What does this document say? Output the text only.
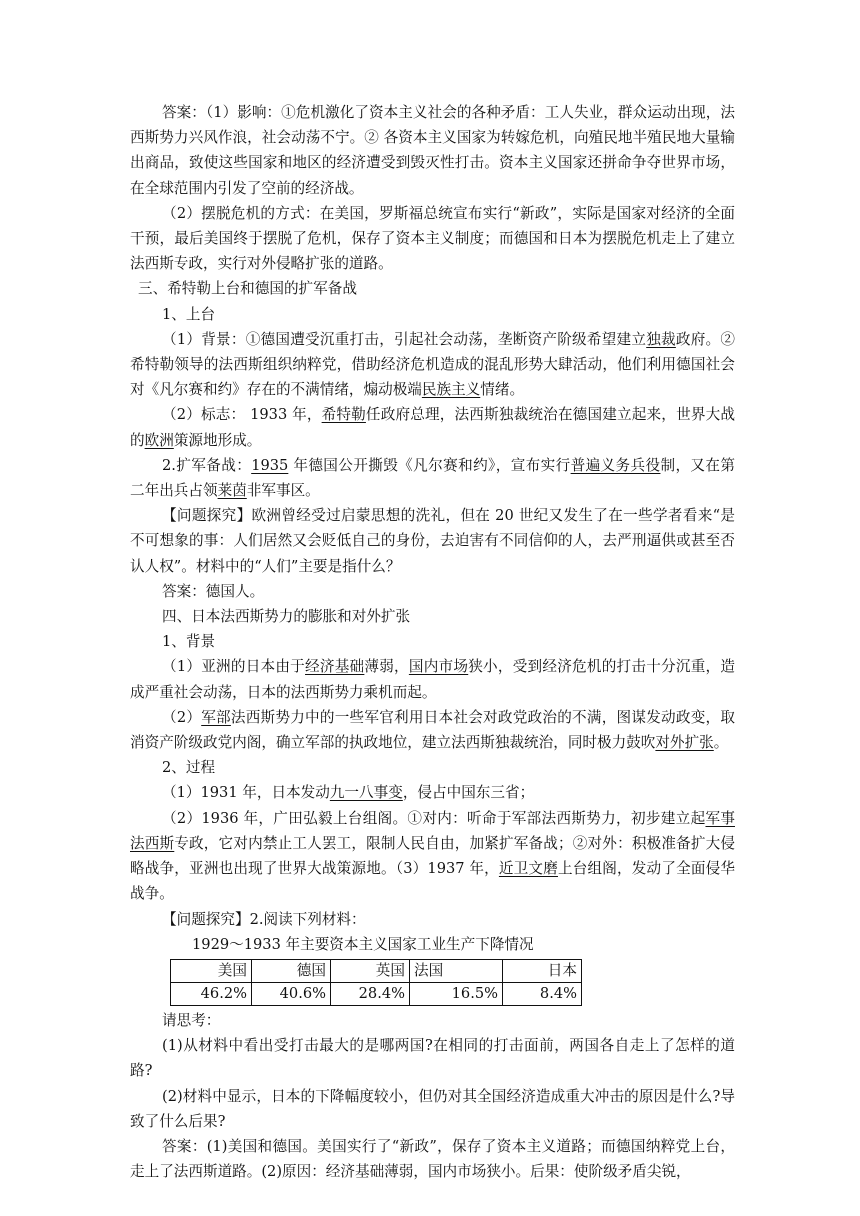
答案：（1）影响：①危机激化了资本主义社会的各种矛盾：工人失业，群众运动出现，法西斯势力兴风作浪，社会动荡不宁。② 各资本主义国家为转嫁危机，向殖民地半殖民地大量输出商品，致使这些国家和地区的经济遭受到毁灭性打击。资本主义国家还拼命争夺世界市场，在全球范围内引发了空前的经济战。

（2）摆脱危机的方式：在美国，罗斯福总统宣布实行“新政”，实际是国家对经济的全面干预，最后美国终于摆脱了危机，保存了资本主义制度；而德国和日本为摆脱危机走上了建立法西斯专政，实行对外侵略扩张的道路。

三、希特勒上台和德国的扩军备战

1、上台

（1）背景：①德国遭受沉重打击，引起社会动荡，垄断资产阶级希望建立独裁政府。②希特勒领导的法西斯组织纳粹党，借助经济危机造成的混乱形势大肆活动，他们利用德国社会对《凡尔赛和约》存在的不满情绪，煽动极端民族主义情绪。

（2）标志： 1933 年，希特勒任政府总理，法西斯独裁统治在德国建立起来，世界大战的欧洲策源地形成。

2.扩军备战：1935 年德国公开撕毁《凡尔赛和约》，宣布实行普遍义务兵役制，又在第二年出兵占领莱茵非军事区。

【问题探究】欧洲曾经受过启蒙思想的洗礼，但在 20 世纪又发生了在一些学者看来“是不可想象的事：人们居然又会贬低自己的身份，去迫害有不同信仰的人，去严刑逼供或甚至否认人权”。材料中的“人们”主要是指什么？

答案：德国人。

四、日本法西斯势力的膨胀和对外扩张

1、背景

（1）亚洲的日本由于经济基础薄弱，国内市场狭小，受到经济危机的打击十分沉重，造成严重社会动荡，日本的法西斯势力乘机而起。

（2）军部法西斯势力中的一些军官利用日本社会对政党政治的不满，图谋发动政变，取消资产阶级政党内阁，确立军部的执政地位，建立法西斯独裁统治，同时极力鼓吹对外扩张。

2、过程

（1）1931 年，日本发动九一八事变，侵占中国东三省；

（2）1936 年，广田弘毅上台组阁。①对内：听命于军部法西斯势力，初步建立起军事法西斯专政，它对内禁止工人罢工，限制人民自由，加紧扩军备战；②对外：积极准备扩大侵略战争，亚洲也出现了世界大战策源地。（3）1937 年，近卫文磨上台组阁，发动了全面侵华战争。

【问题探究】2.阅读下列材料：

1929～1933 年主要资本主义国家工业生产下降情况

美国	德国	英国	法国	日本
46.2%	40.6%	28.4%	16.5%	8.4%

请思考：

(1)从材料中看出受打击最大的是哪两国?在相同的打击面前，两国各自走上了怎样的道路?

(2)材料中显示，日本的下降幅度较小，但仍对其全国经济造成重大冲击的原因是什么?导致了什么后果?

答案：(1)美国和德国。美国实行了“新政”，保存了资本主义道路；而德国纳粹党上台，走上了法西斯道路。(2)原因：经济基础薄弱，国内市场狭小。后果：使阶级矛盾尖锐，
